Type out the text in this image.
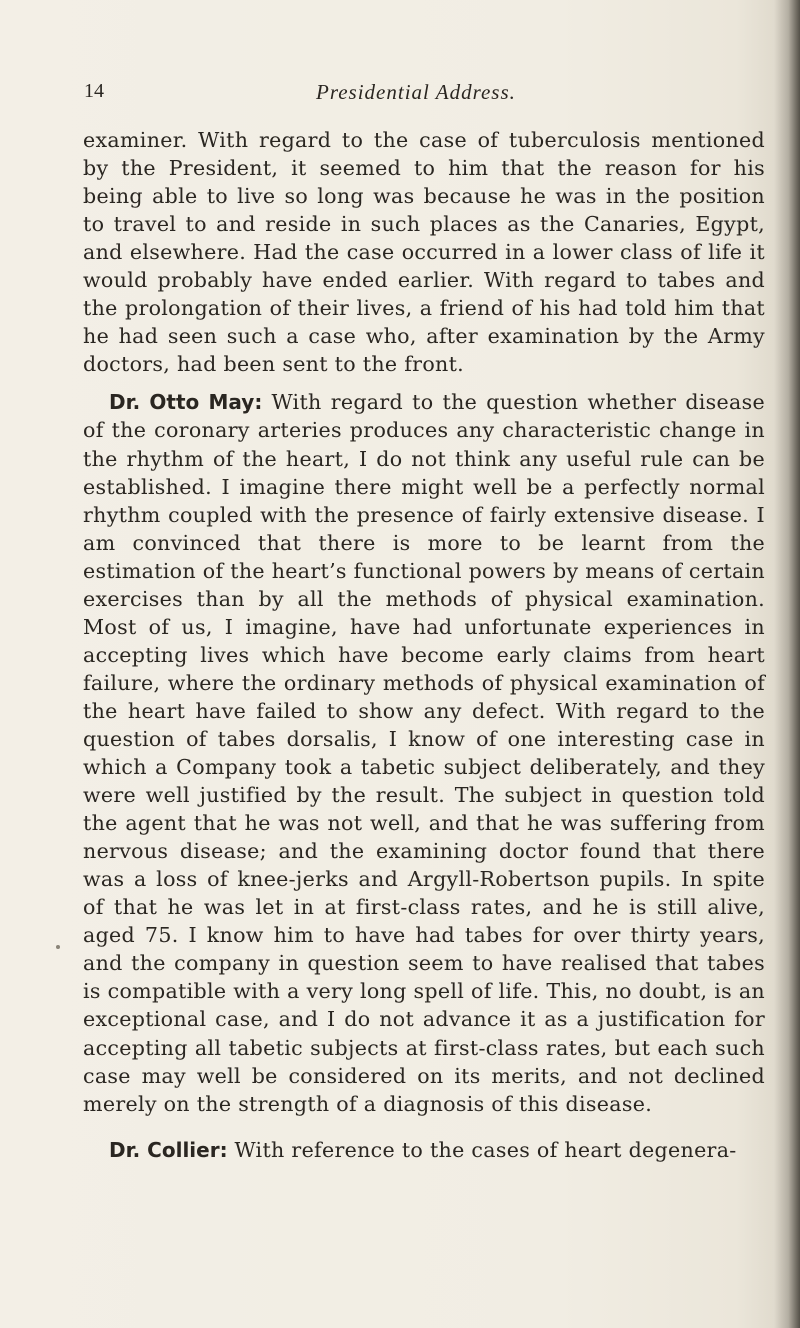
14	Presidential Address.

examiner. With regard to the case of tuberculosis mentioned by the President, it seemed to him that the reason for his being able to live so long was because he was in the position to travel to and reside in such places as the Canaries, Egypt, and elsewhere. Had the case occurred in a lower class of life it would probably have ended earlier. With regard to tabes and the prolongation of their lives, a friend of his had told him that he had seen such a case who, after examination by the Army doctors, had been sent to the front.

Dr. Otto May: With regard to the question whether disease of the coronary arteries produces any characteristic change in the rhythm of the heart, I do not think any useful rule can be established. I imagine there might well be a perfectly normal rhythm coupled with the presence of fairly extensive disease. I am convinced that there is more to be learnt from the estimation of the heart’s functional powers by means of certain exercises than by all the methods of physical examination. Most of us, I imagine, have had unfortunate experiences in accepting lives which have become early claims from heart failure, where the ordinary methods of physical examination of the heart have failed to show any defect. With regard to the question of tabes dorsalis, I know of one interesting case in which a Company took a tabetic subject deliberately, and they were well justified by the result. The subject in question told the agent that he was not well, and that he was suffering from nervous disease; and the examining doctor found that there was a loss of knee-jerks and Argyll-Robertson pupils. In spite of that he was let in at first-class rates, and he is still alive, aged 75. I know him to have had tabes for over thirty years, and the company in question seem to have realised that tabes is compatible with a very long spell of life. This, no doubt, is an exceptional case, and I do not advance it as a justification for accepting all tabetic subjects at first-class rates, but each such case may well be considered on its merits, and not declined merely on the strength of a diagnosis of this disease.

Dr. Collier: With reference to the cases of heart degenera-
